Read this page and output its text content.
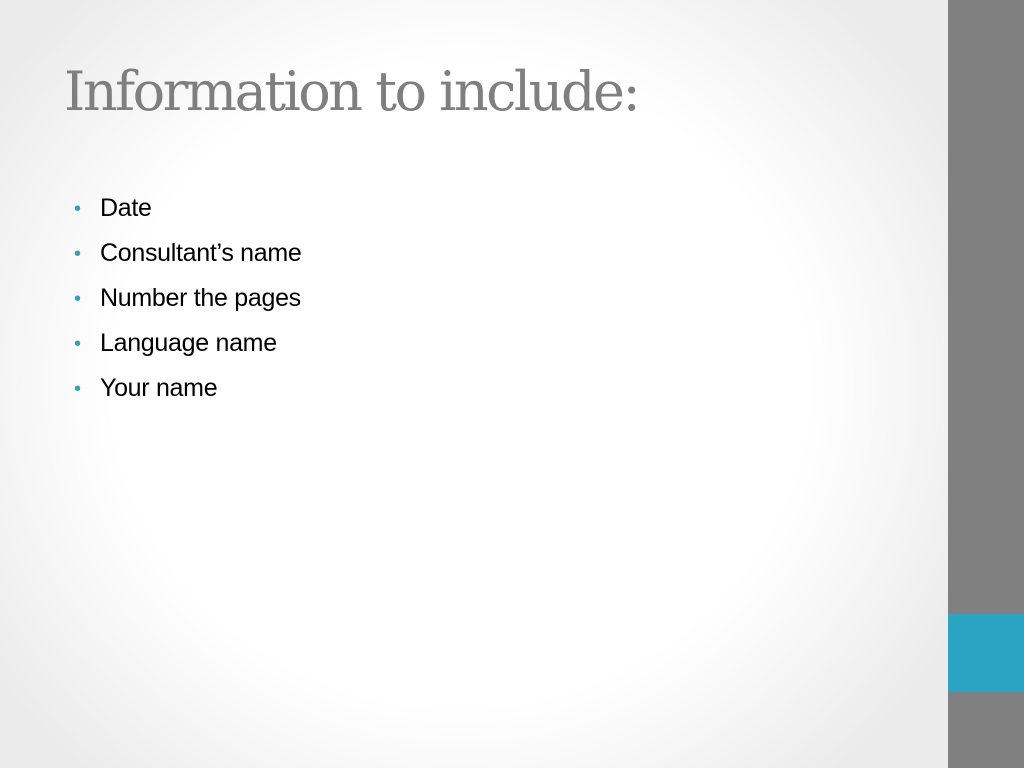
Information to include:
• Date
• Consultant’s name
• Number the pages
• Language name
• Your name
